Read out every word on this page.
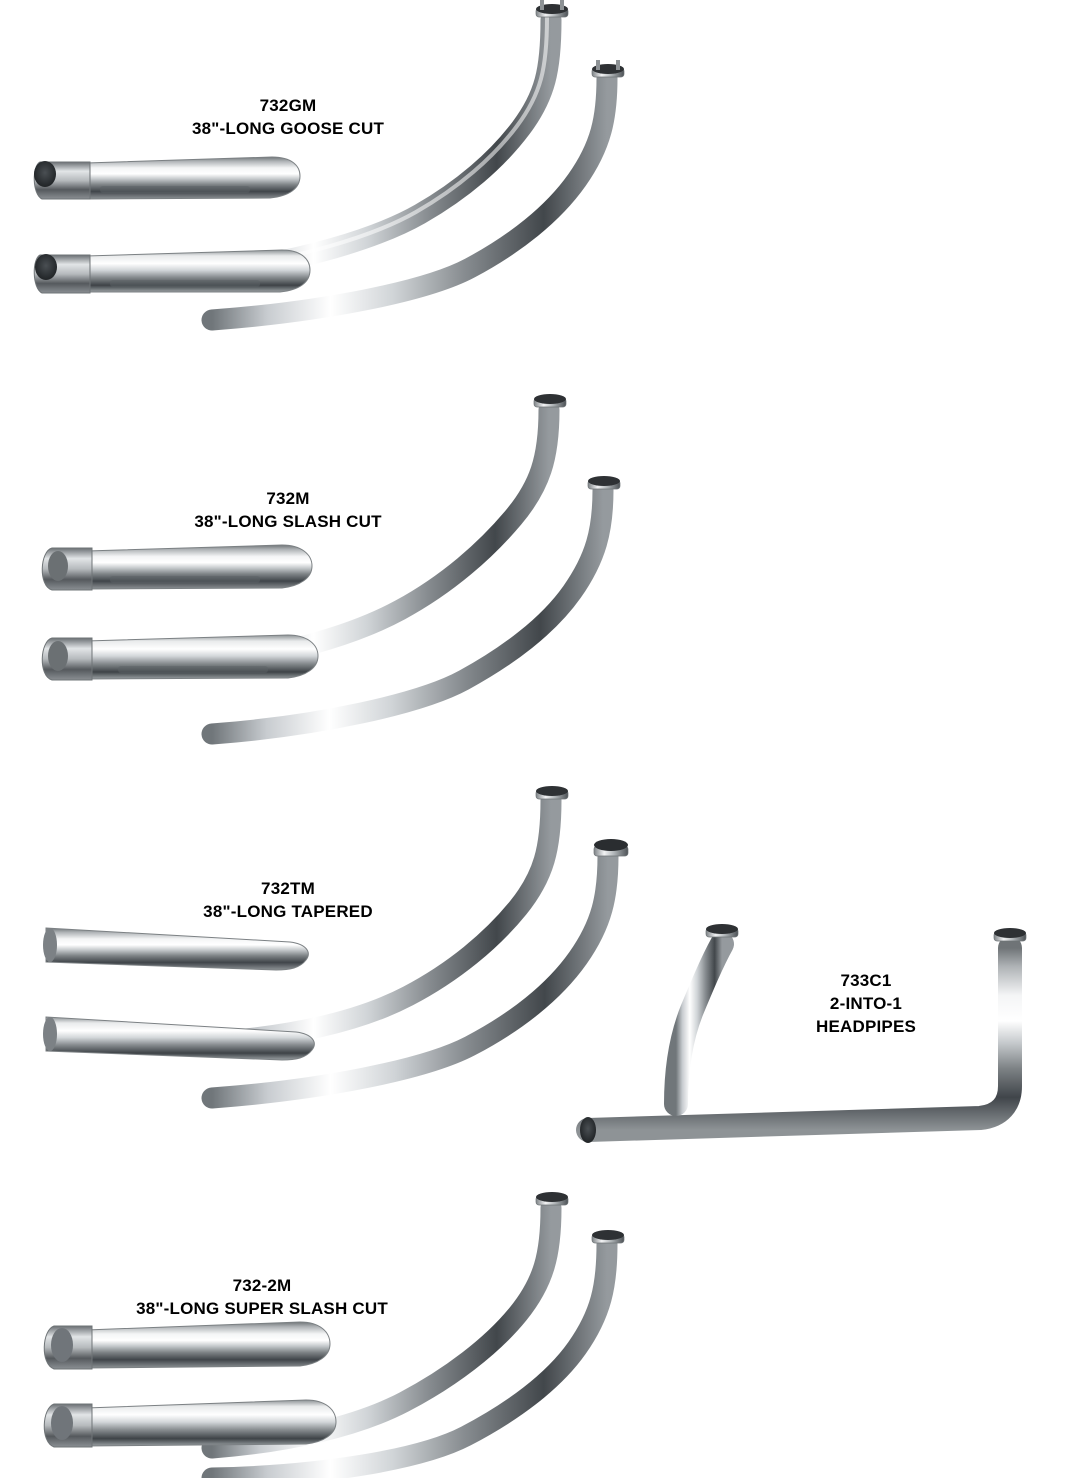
732GM
38"-LONG GOOSE CUT
732M
38"-LONG SLASH CUT
732TM
38"-LONG TAPERED
733C1
2-INTO-1
HEADPIPES
732-2M
38"-LONG SUPER SLASH CUT
